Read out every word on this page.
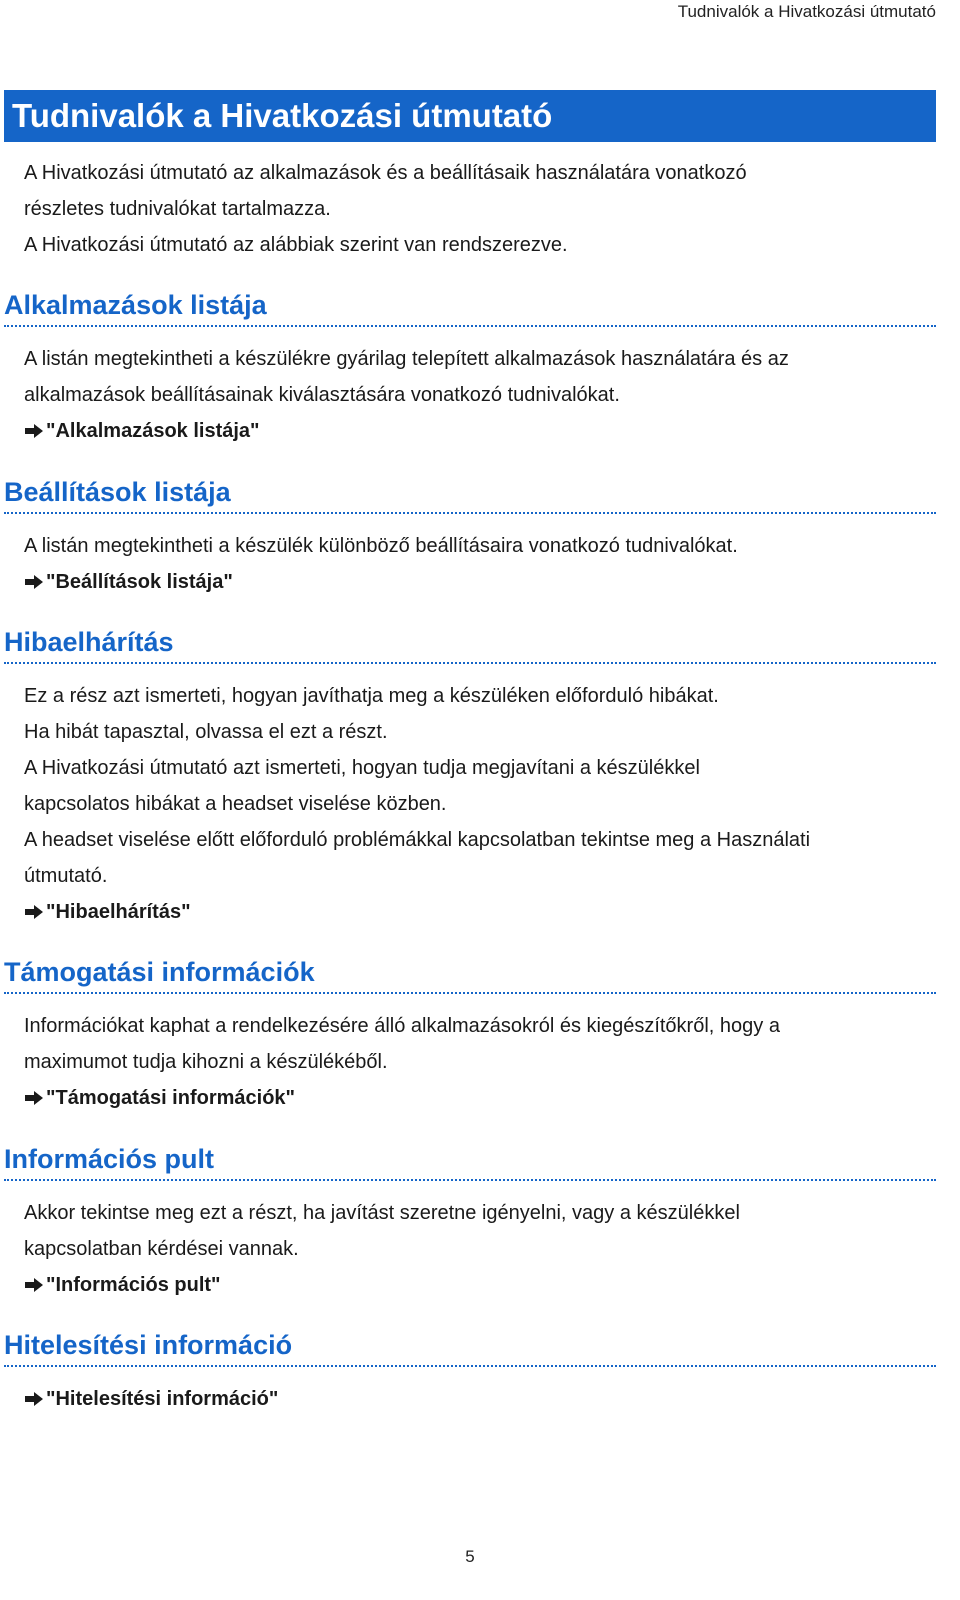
Tudnivalók a Hivatkozási útmutató
Tudnivalók a Hivatkozási útmutató

A Hivatkozási útmutató az alkalmazások és a beállításaik használatára vonatkozó

részletes tudnivalókat tartalmazza.

A Hivatkozási útmutató az alábbiak szerint van rendszerezve.

Alkalmazások listája

A listán megtekintheti a készülékre gyárilag telepített alkalmazások használatára és az

alkalmazások beállításainak kiválasztására vonatkozó tudnivalókat.

"Alkalmazások listája"
Beállítások listája

A listán megtekintheti a készülék különböző beállításaira vonatkozó tudnivalókat.

"Beállítások listája"
Hibaelhárítás

Ez a rész azt ismerteti, hogyan javíthatja meg a készüléken előforduló hibákat.

Ha hibát tapasztal, olvassa el ezt a részt.

A Hivatkozási útmutató azt ismerteti, hogyan tudja megjavítani a készülékkel

kapcsolatos hibákat a headset viselése közben.

A headset viselése előtt előforduló problémákkal kapcsolatban tekintse meg a Használati

útmutató.

"Hibaelhárítás"
Támogatási információk

Információkat kaphat a rendelkezésére álló alkalmazásokról és kiegészítőkről, hogy a

maximumot tudja kihozni a készülékéből.

"Támogatási információk"
Információs pult

Akkor tekintse meg ezt a részt, ha javítást szeretne igényelni, vagy a készülékkel

kapcsolatban kérdései vannak.

"Információs pult"
Hitelesítési információ
"Hitelesítési információ"
5
